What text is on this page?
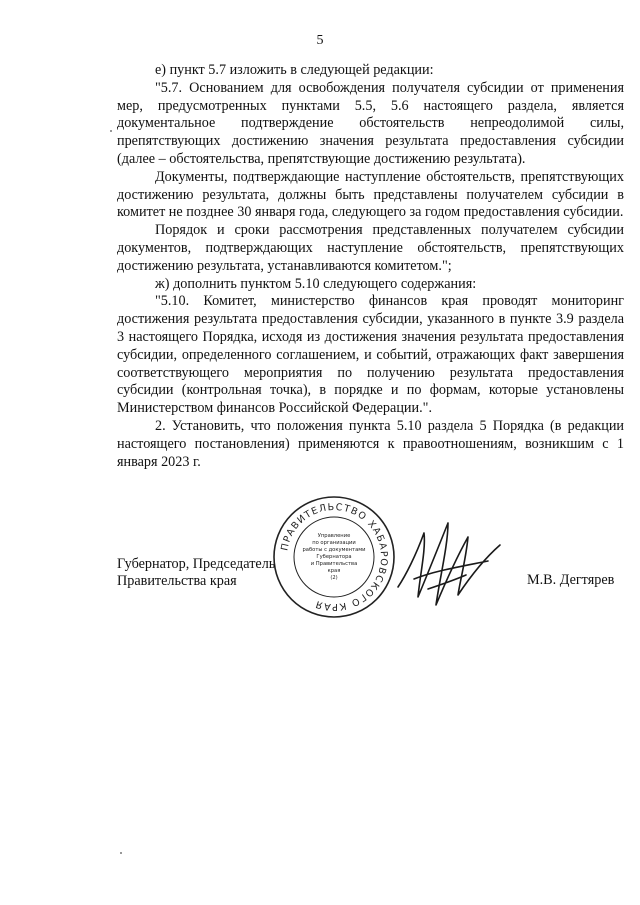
5

е) пункт 5.7 изложить в следующей редакции:

"5.7. Основанием для освобождения получателя субсидии от применения мер, предусмотренных пунктами 5.5, 5.6 настоящего раздела, является документальное подтверждение обстоятельств непреодолимой силы, препятствующих достижению значения результата предоставления субсидии (далее – обстоятельства, препятствующие достижению результата).

Документы, подтверждающие наступление обстоятельств, препятствующих достижению результата, должны быть представлены получателем субсидии в комитет не позднее 30 января года, следующего за годом предоставления субсидии.

Порядок и сроки рассмотрения представленных получателем субсидии документов, подтверждающих наступление обстоятельств, препятствующих достижению результата, устанавливаются комитетом.";

ж) дополнить пунктом 5.10 следующего содержания:

"5.10. Комитет, министерство финансов края проводят мониторинг достижения результата предоставления субсидии, указанного в пункте 3.9 раздела 3 настоящего Порядка, исходя из достижения значения результата предоставления субсидии, определенного соглашением, и событий, отражающих факт завершения соответствующего мероприятия по получению результата предоставления субсидии (контрольная точка), в порядке и по формам, которые установлены Министерством финансов Российской Федерации.".

2. Установить, что положения пункта 5.10 раздела 5 Порядка (в редакции настоящего постановления) применяются к правоотношениям, возникшим с 1 января 2023 г.

ПРАВИТЕЛЬСТВО ХАБАРОВСКОГО КРАЯ
Управление
по организации
работы с документами
Губернатора
и Правительства
края
(2)
Губернатор, Председатель
Правительства края	М.В. Дегтярев
